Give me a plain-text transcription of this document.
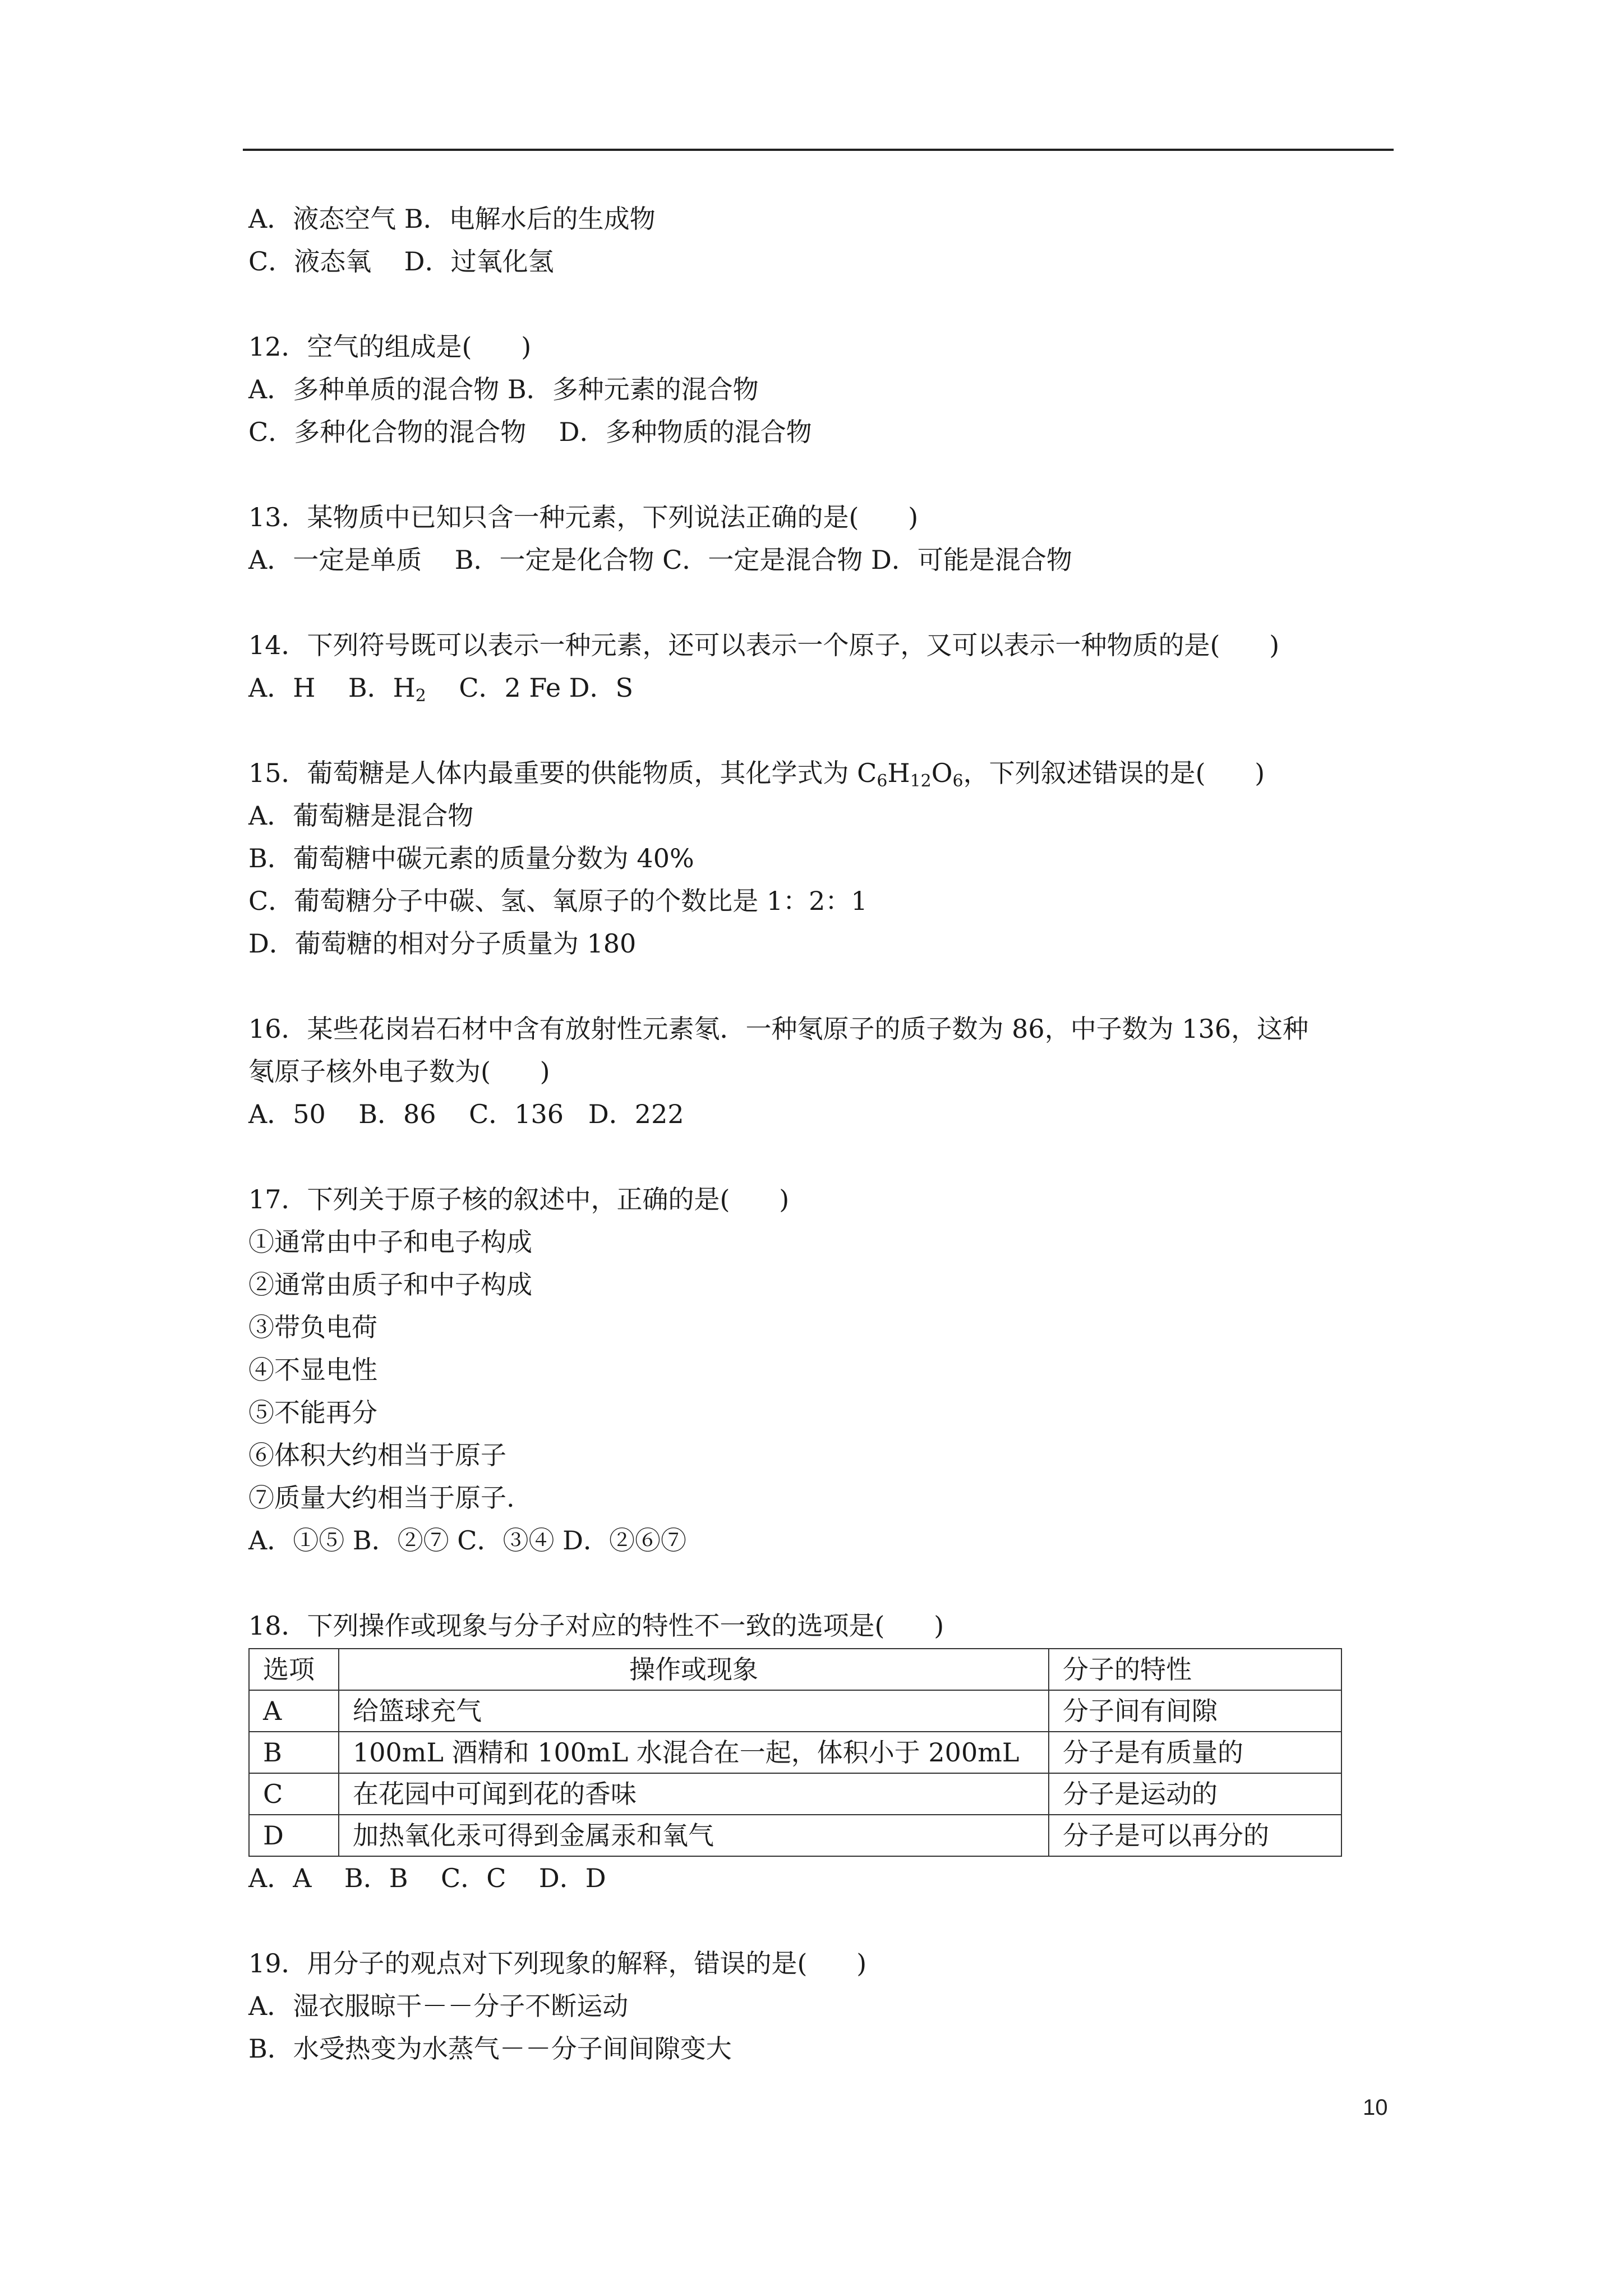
A．液态空气 B．电解水后的生成物
C．液态氧    D．过氧化氢
12．空气的组成是(      )
A．多种单质的混合物 B．多种元素的混合物
C．多种化合物的混合物    D．多种物质的混合物
13．某物质中已知只含一种元素，下列说法正确的是(      )
A．一定是单质    B．一定是化合物 C．一定是混合物 D．可能是混合物
14．下列符号既可以表示一种元素，还可以表示一个原子，又可以表示一种物质的是(      )
A．H    B．$H_2$    C．2 Fe D．S
15．葡萄糖是人体内最重要的供能物质，其化学式为 $C_6H_{12}O_6$，下列叙述错误的是(      )
A．葡萄糖是混合物
B．葡萄糖中碳元素的质量分数为 40%
C．葡萄糖分子中碳、氢、氧原子的个数比是 1：2：1
D．葡萄糖的相对分子质量为 180
16．某些花岗岩石材中含有放射性元素氡．一种氡原子的质子数为 86，中子数为 136，这种
氡原子核外电子数为(      )
A．50    B．86    C．136   D．222
17．下列关于原子核的叙述中，正确的是(      )
①通常由中子和电子构成
②通常由质子和中子构成
③带负电荷
④不显电性
⑤不能再分
⑥体积大约相当于原子
⑦质量大约相当于原子.
A．①⑤ B．②⑦ C．③④ D．②⑥⑦
18．下列操作或现象与分子对应的特性不一致的选项是(      )
选项	操作或现象	分子的特性
A	给篮球充气	分子间有间隙
B	100mL 酒精和 100mL 水混合在一起，体积小于 200mL	分子是有质量的
C	在花园中可闻到花的香味	分子是运动的
D	加热氧化汞可得到金属汞和氧气	分子是可以再分的
A．A    B．B    C．C    D．D
19．用分子的观点对下列现象的解释，错误的是(      )
A．湿衣服晾干－－分子不断运动
B．水受热变为水蒸气－－分子间间隙变大
10
